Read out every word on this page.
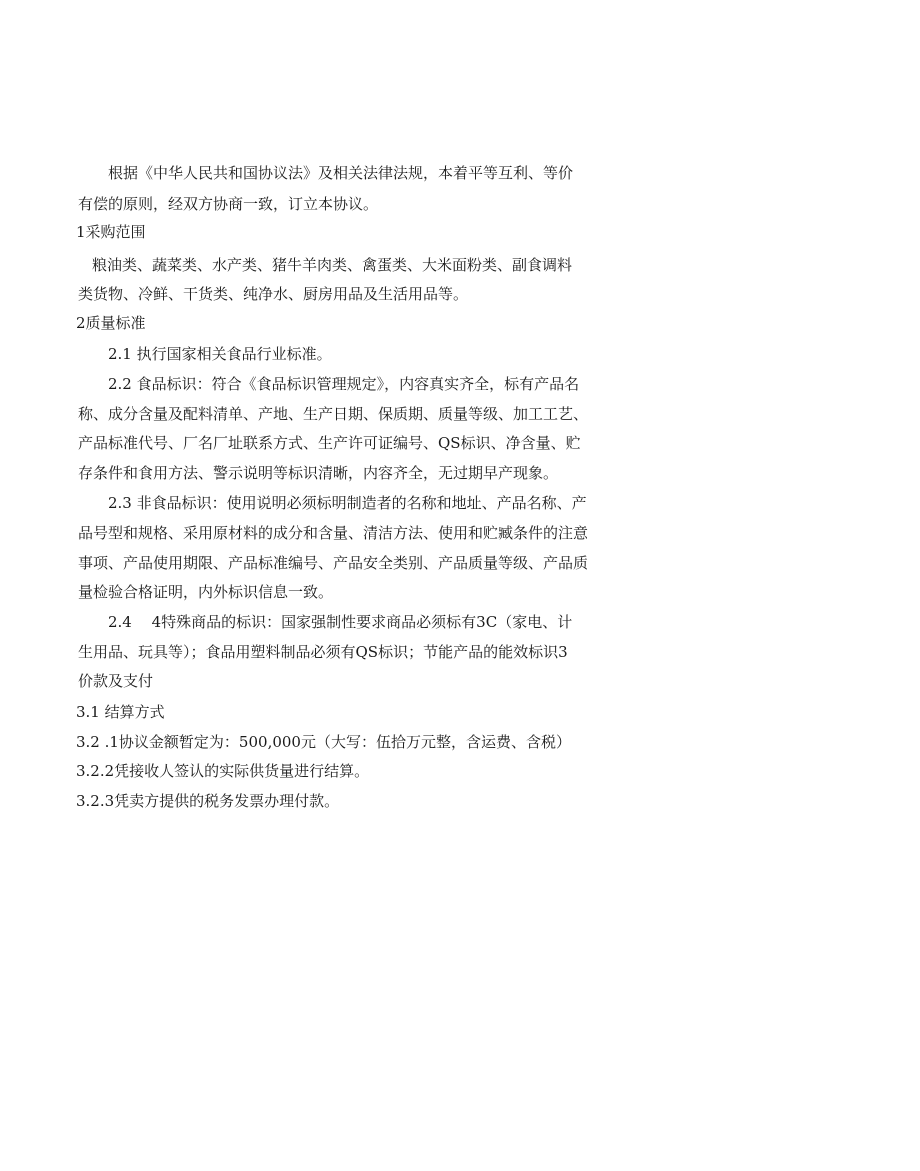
根据《中华人民共和国协议法》及相关法律法规，本着平等互利、等价

有偿的原则，经双方协商一致，订立本协议。

1采购范围

粮油类、蔬菜类、水产类、猪牛羊肉类、禽蛋类、大米面粉类、副食调料

类货物、冷鲜、干货类、纯净水、厨房用品及生活用品等。

2质量标准

2.1 执行国家相关食品行业标准。

2.2 食品标识：符合《食品标识管理规定》，内容真实齐全，标有产品名

称、成分含量及配料清单、产地、生产日期、保质期、质量等级、加工工艺、

产品标准代号、厂名厂址联系方式、生产许可证编号、QS标识、净含量、贮

存条件和食用方法、警示说明等标识清晰，内容齐全，无过期早产现象。

2.3 非食品标识：使用说明必须标明制造者的名称和地址、产品名称、产

品号型和规格、采用原材料的成分和含量、清洁方法、使用和贮臧条件的注意

事项、产品使用期限、产品标准编号、产品安全类别、产品质量等级、产品质

量检验合格证明，内外标识信息一致。

2.4　 4特殊商品的标识：国家强制性要求商品必须标有3C（家电、计

生用品、玩具等）；食品用塑料制品必须有QS标识；节能产品的能效标识3

价款及支付

3.1 结算方式

3.2 .1协议金额暂定为：500,000元（大写：伍拾万元整，含运费、含税）

3.2.2凭接收人签认的实际供货量进行结算。

3.2.3凭卖方提供的税务发票办理付款。
